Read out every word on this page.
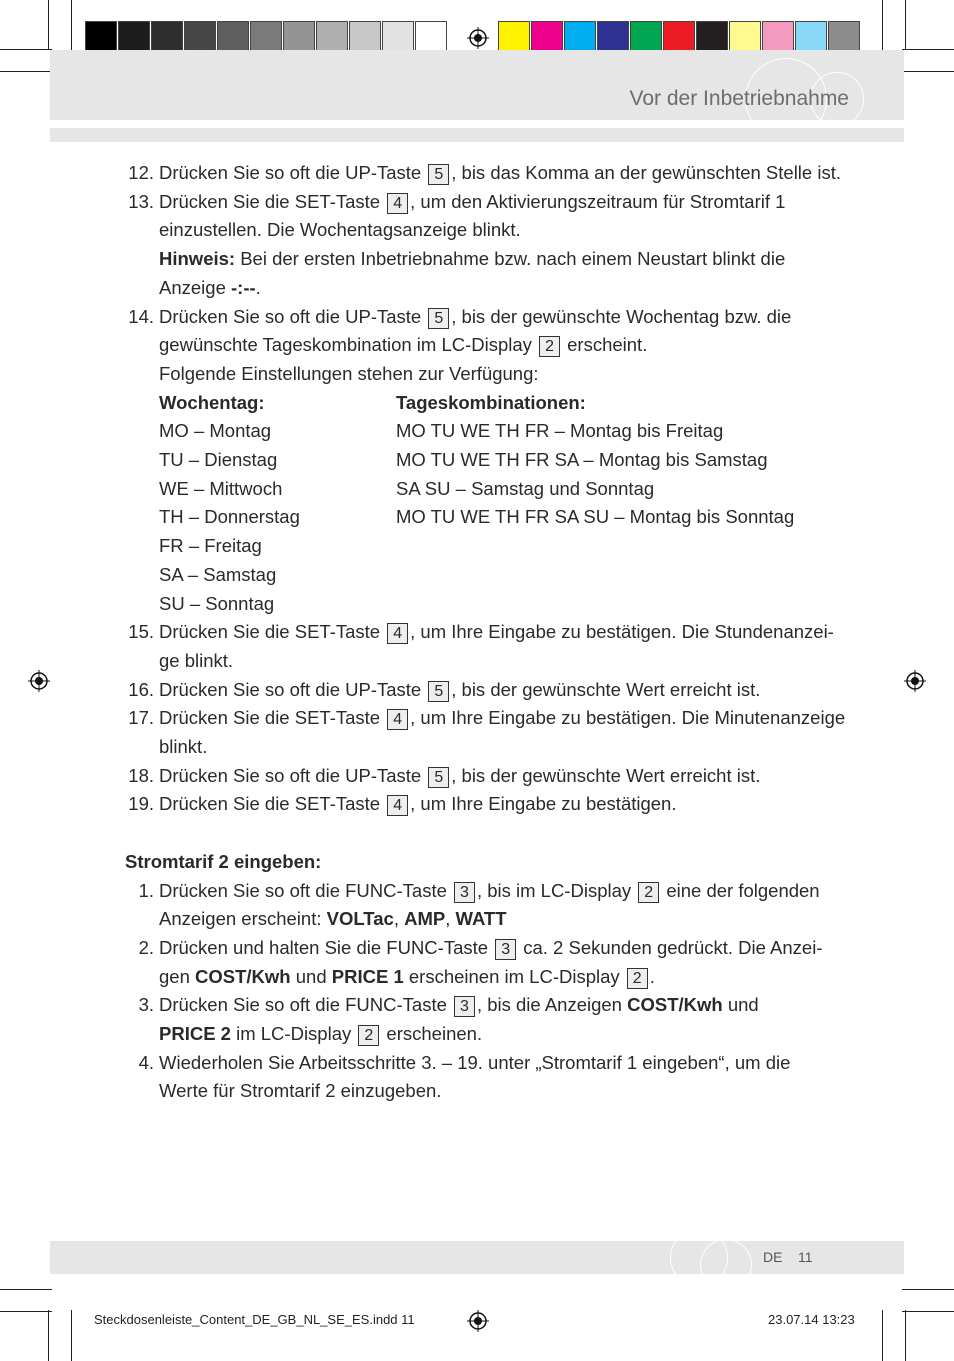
Vor der Inbetriebnahme
12. Drücken Sie so oft die UP-Taste 5 , bis das Komma an der gewünschten Stelle ist.
13. Drücken Sie die SET-Taste 4 , um den Aktivierungszeitraum für Stromtarif 1
einzustellen. Die Wochentagsanzeige blinkt.
Hinweis: Bei der ersten Inbetriebnahme bzw. nach einem Neustart blinkt die
Anzeige -:--.
14. Drücken Sie so oft die UP-Taste 5 , bis der gewünschte Wochentag bzw. die
gewünschte Tageskombination im LC-Display 2 erscheint.
Folgende Einstellungen stehen zur Verfügung:
Wochentag:	Tageskombinationen:
MO – Montag
TU – Dienstag
WE – Mittwoch
TH – Donnerstag
FR – Freitag
SA – Samstag
SU – Sonntag
MO TU WE TH FR – Montag bis Freitag
MO TU WE TH FR SA – Montag bis Samstag
SA SU – Samstag und Sonntag
MO TU WE TH FR SA SU – Montag bis Sonntag
15. Drücken Sie die SET-Taste 4 , um Ihre Eingabe zu bestätigen. Die Stundenanzei-
ge blinkt.
16. Drücken Sie so oft die UP-Taste 5 , bis der gewünschte Wert erreicht ist.
17. Drücken Sie die SET-Taste 4 , um Ihre Eingabe zu bestätigen. Die Minutenanzeige
blinkt.
18. Drücken Sie so oft die UP-Taste 5 , bis der gewünschte Wert erreicht ist.
19. Drücken Sie die SET-Taste 4 , um Ihre Eingabe zu bestätigen.
Stromtarif 2 eingeben:
1. Drücken Sie so oft die FUNC-Taste 3 , bis im LC-Display 2 eine der folgenden
Anzeigen erscheint: VOLTac, AMP, WATT
2. Drücken und halten Sie die FUNC-Taste 3 ca. 2 Sekunden gedrückt. Die Anzei-
gen COST/Kwh und PRICE 1 erscheinen im LC-Display 2 .
3. Drücken Sie so oft die FUNC-Taste 3 , bis die Anzeigen COST/Kwh und
PRICE 2 im LC-Display 2 erscheinen.
4. Wiederholen Sie Arbeitsschritte 3. – 19. unter „Stromtarif 1 eingeben“, um die
Werte für Stromtarif 2 einzugeben.
DE 11
Steckdosenleiste_Content_DE_GB_NL_SE_ES.indd 11	23.07.14 13:23
